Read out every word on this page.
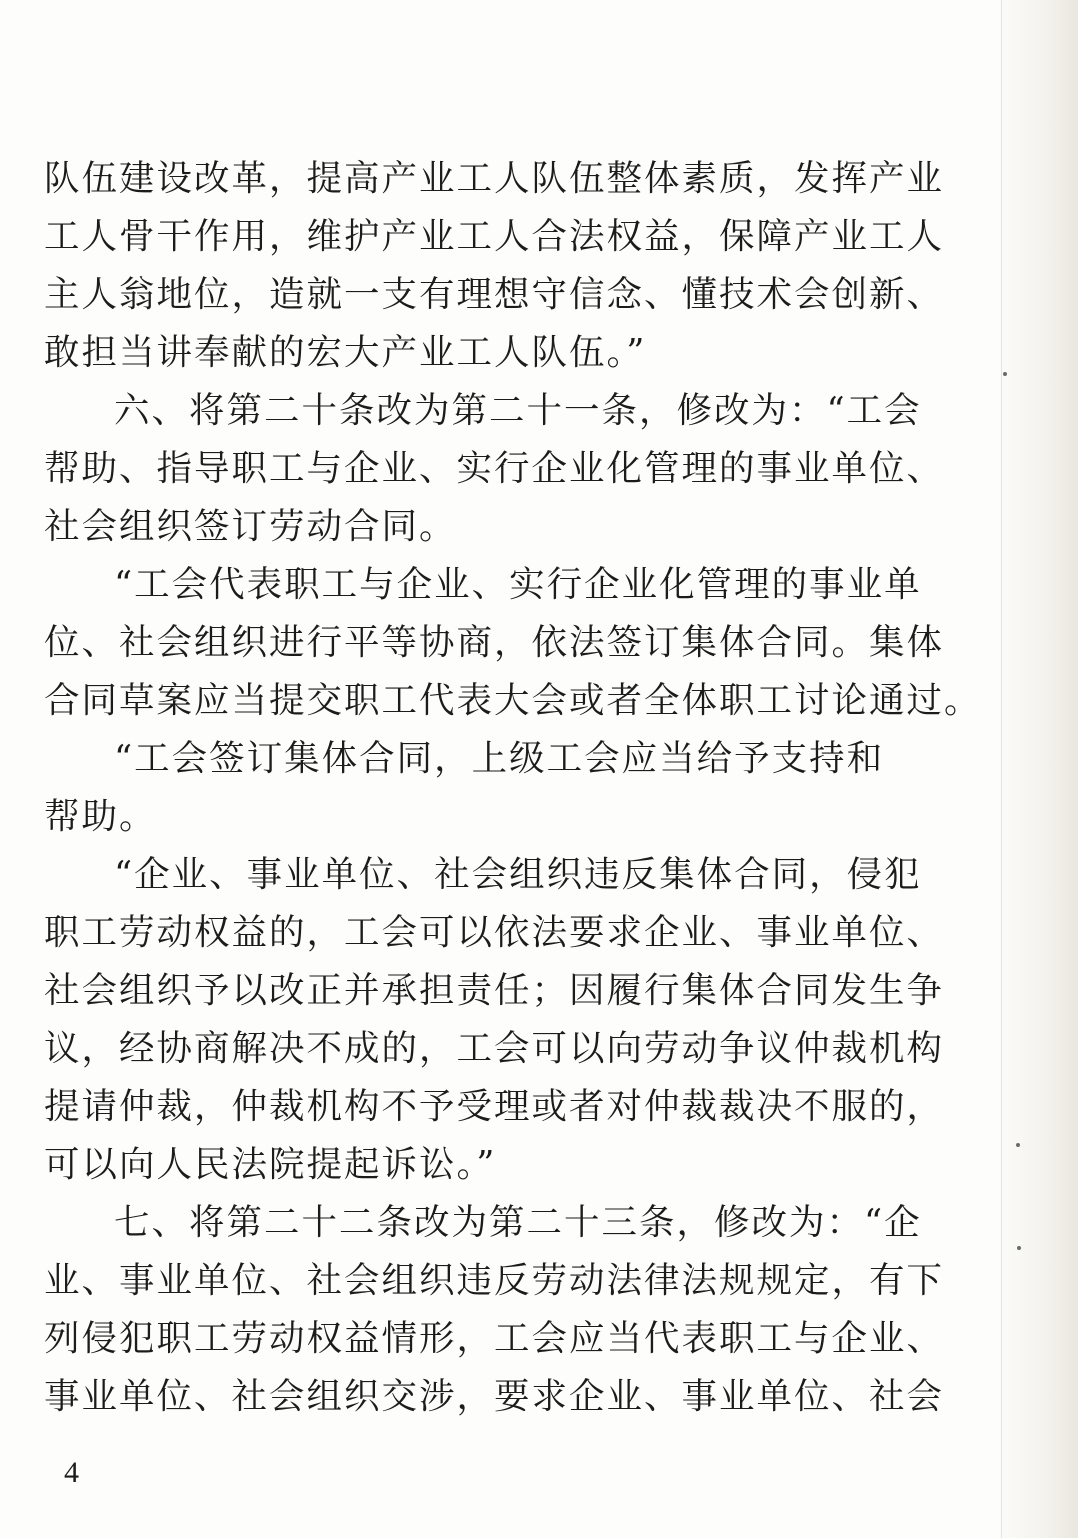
队伍建设改革，提高产业工人队伍整体素质，发挥产业
工人骨干作用，维护产业工人合法权益，保障产业工人
主人翁地位，造就一支有理想守信念、懂技术会创新、
敢担当讲奉献的宏大产业工人队伍。”
六、将第二十条改为第二十一条，修改为：“工会
帮助、指导职工与企业、实行企业化管理的事业单位、
社会组织签订劳动合同。
“工会代表职工与企业、实行企业化管理的事业单
位、社会组织进行平等协商，依法签订集体合同。集体
合同草案应当提交职工代表大会或者全体职工讨论通过。
“工会签订集体合同，上级工会应当给予支持和
帮助。
“企业、事业单位、社会组织违反集体合同，侵犯
职工劳动权益的，工会可以依法要求企业、事业单位、
社会组织予以改正并承担责任；因履行集体合同发生争
议，经协商解决不成的，工会可以向劳动争议仲裁机构
提请仲裁，仲裁机构不予受理或者对仲裁裁决不服的，
可以向人民法院提起诉讼。”
七、将第二十二条改为第二十三条，修改为：“企
业、事业单位、社会组织违反劳动法律法规规定，有下
列侵犯职工劳动权益情形，工会应当代表职工与企业、
事业单位、社会组织交涉，要求企业、事业单位、社会
4
